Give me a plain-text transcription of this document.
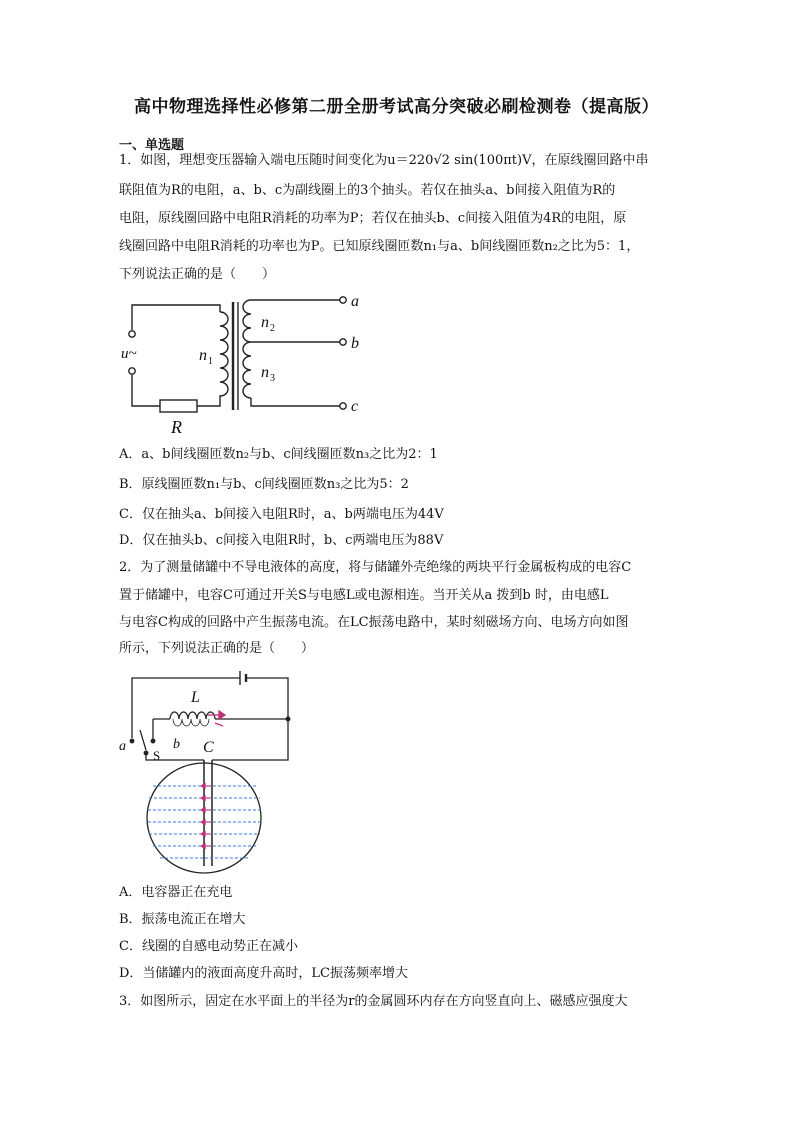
高中物理选择性必修第二册全册考试高分突破必刷检测卷（提高版）
一、单选题
1．如图，理想变压器输入端电压随时间变化为u＝220√2 sin(100πt)V，在原线圈回路中串
联阻值为R的电阻，a、b、c为副线圈上的3个抽头。若仅在抽头a、b间接入阻值为R的
电阻，原线圈回路中电阻R消耗的功率为P；若仅在抽头b、c间接入阻值为4R的电阻，原
线圈回路中电阻R消耗的功率也为P。已知原线圈匝数n₁与a、b间线圈匝数n₂之比为5：1，
下列说法正确的是（　　）
a
b
c
n 2
n 3
n 1
u~
R
A．a、b间线圈匝数n₂与b、c间线圈匝数n₃之比为2：1
B．原线圈匝数n₁与b、c间线圈匝数n₃之比为5：2
C．仅在抽头a、b间接入电阻R时，a、b两端电压为44V
D．仅在抽头b、c间接入电阻R时，b、c两端电压为88V
2．为了测量储罐中不导电液体的高度，将与储罐外壳绝缘的两块平行金属板构成的电容C
置于储罐中，电容C可通过开关S与电感L或电源相连。当开关从a 拨到b 时，由电感L
与电容C构成的回路中产生振荡电流。在LC振荡电路中，某时刻磁场方向、电场方向如图
所示，下列说法正确的是（　　）
L
C
a	b
S
A．电容器正在充电
B．振荡电流正在增大
C．线圈的自感电动势正在减小
D．当储罐内的液面高度升高时，LC振荡频率增大
3．如图所示，固定在水平面上的半径为r的金属圆环内存在方向竖直向上、磁感应强度大
